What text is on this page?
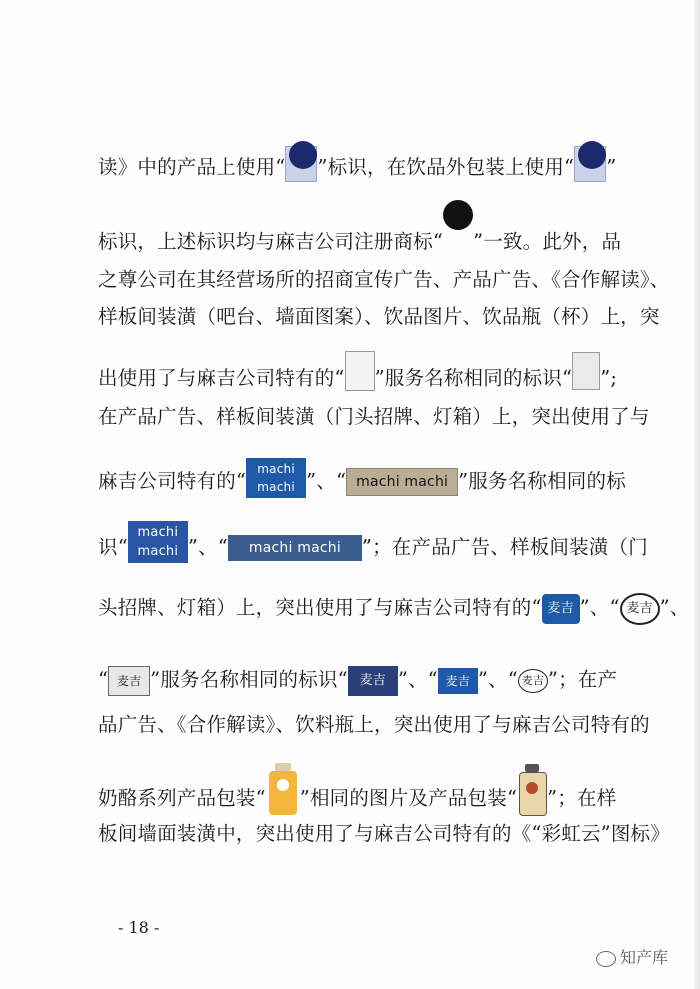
读》中的产品上使用“ ”标识，在饮品外包装上使用“ ”
标识，上述标识均与麻吉公司注册商标“ ”一致。此外，品
之尊公司在其经营场所的招商宣传广告、产品广告、《合作解读》、
样板间装潢（吧台、墙面图案）、饮品图片、饮品瓶（杯）上，突
出使用了与麻吉公司特有的“ ”服务名称相同的标识“ ”;
在产品广告、样板间装潢（门头招牌、灯箱）上，突出使用了与
麻吉公司特有的“machi
machi ”、“ machi machi ”服务名称相同的标
识“machi
machi ”、“ machi machi ”；在产品广告、样板间装潢（门
头招牌、灯箱）上，突出使用了与麻吉公司特有的“ 麦吉 ”、“ 麦吉 ”、
“ 麦吉 ”服务名称相同的标识“ 麦吉 ”、“ 麦吉 ”、“ 麦吉 ”；在产
品广告、《合作解读》、饮料瓶上，突出使用了与麻吉公司特有的
奶酪系列产品包装“ ”相同的图片及产品包装“ ”；在样
板间墙面装潢中，突出使用了与麻吉公司特有的《“彩虹云”图标》
- 18 -
知产库
